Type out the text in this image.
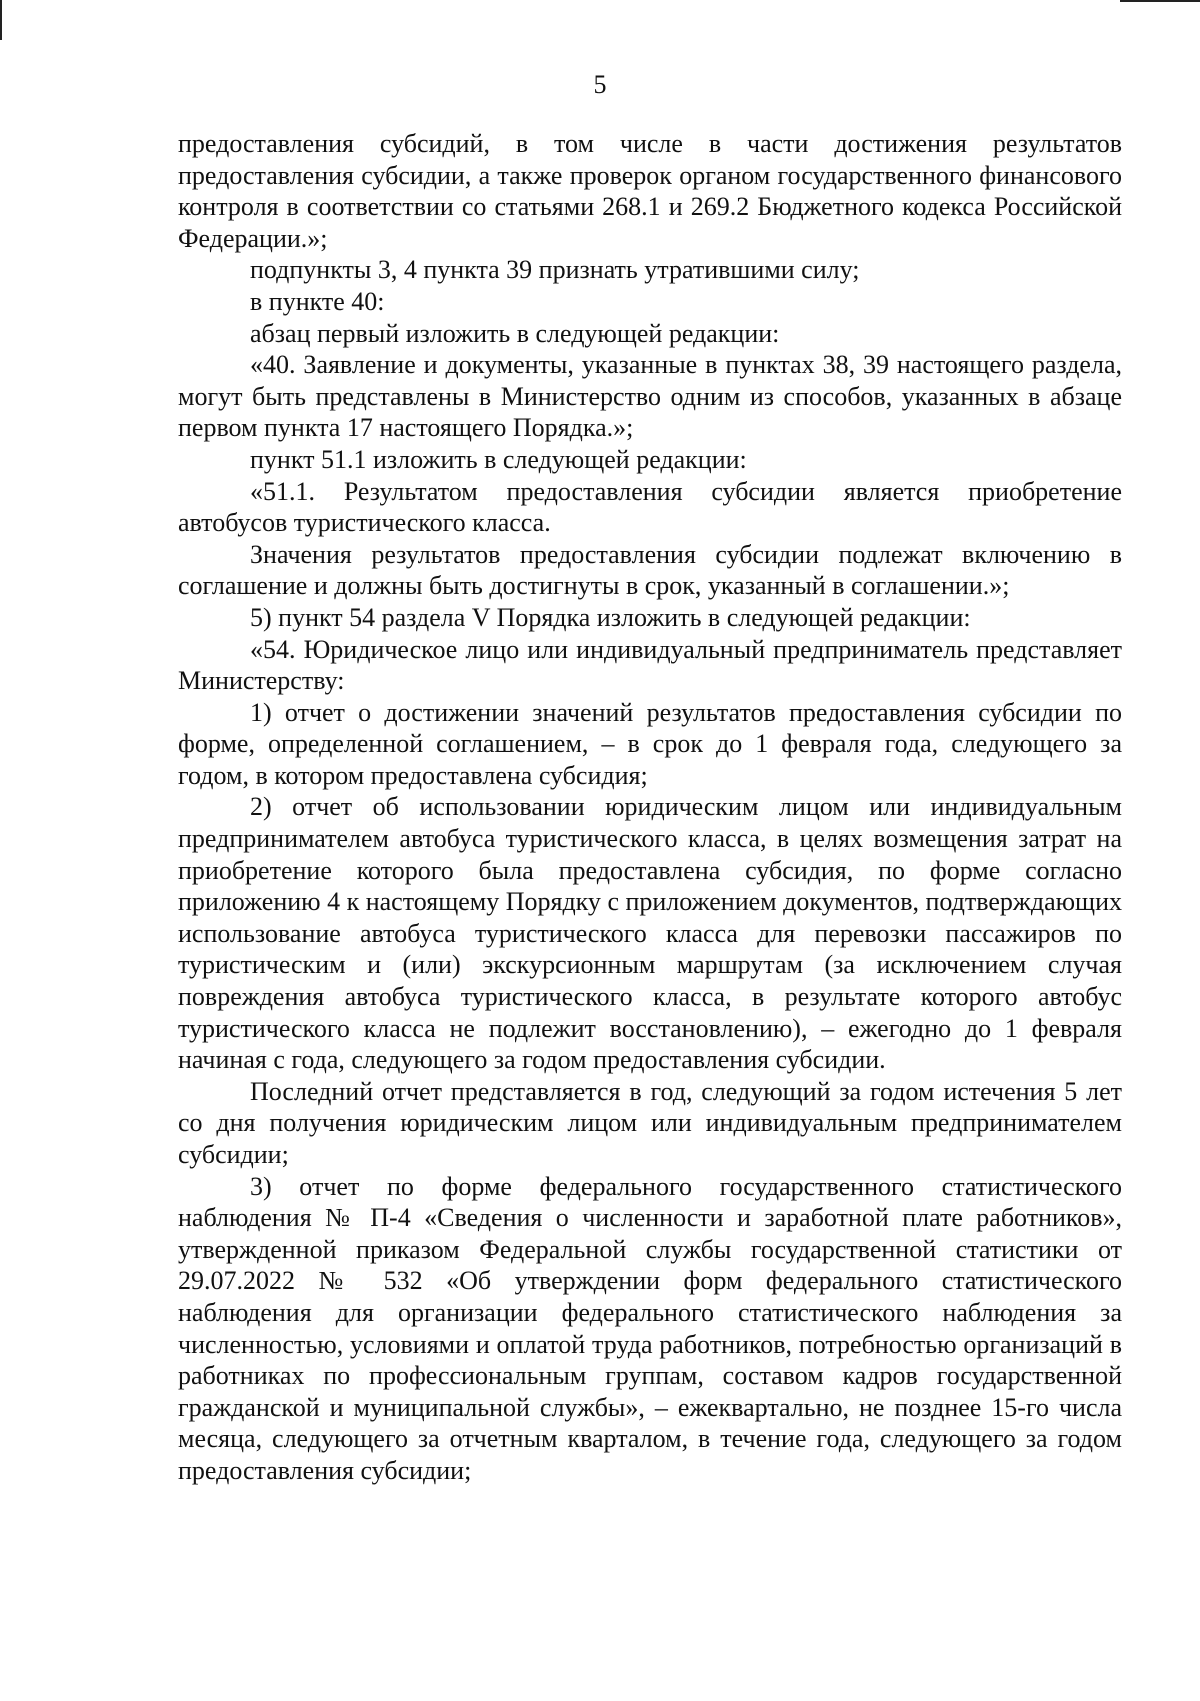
5

предоставления субсидий, в том числе в части достижения результатов предоставления субсидии, а также проверок органом государственного финансового контроля в соответствии со статьями 268.1 и 269.2 Бюджетного кодекса Российской Федерации.»;

подпункты 3, 4 пункта 39 признать утратившими силу;

в пункте 40:

абзац первый изложить в следующей редакции:

«40. Заявление и документы, указанные в пунктах 38, 39 настоящего раздела, могут быть представлены в Министерство одним из способов, указанных в абзаце первом пункта 17 настоящего Порядка.»;

пункт 51.1 изложить в следующей редакции:

«51.1. Результатом предоставления субсидии является приобретение автобусов туристического класса.

Значения результатов предоставления субсидии подлежат включению в соглашение и должны быть достигнуты в срок, указанный в соглашении.»;

5) пункт 54 раздела V Порядка изложить в следующей редакции:

«54. Юридическое лицо или индивидуальный предприниматель представляет Министерству:

1) отчет о достижении значений результатов предоставления субсидии по форме, определенной соглашением, – в срок до 1 февраля года, следующего за годом, в котором предоставлена субсидия;

2) отчет об использовании юридическим лицом или индивидуальным предпринимателем автобуса туристического класса, в целях возмещения затрат на приобретение которого была предоставлена субсидия, по форме согласно приложению 4 к настоящему Порядку с приложением документов, подтверждающих использование автобуса туристического класса для перевозки пассажиров по туристическим и (или) экскурсионным маршрутам (за исключением случая повреждения автобуса туристического класса, в результате которого автобус туристического класса не подлежит восстановлению), – ежегодно до 1 февраля начиная с года, следующего за годом предоставления субсидии.

Последний отчет представляется в год, следующий за годом истечения 5 лет со дня получения юридическим лицом или индивидуальным предпринимателем субсидии;

3) отчет по форме федерального государственного статистического наблюдения № П-4 «Сведения о численности и заработной плате работников», утвержденной приказом Федеральной службы государственной статистики от 29.07.2022 № 532 «Об утверждении форм федерального статистического наблюдения для организации федерального статистического наблюдения за численностью, условиями и оплатой труда работников, потребностью организаций в работниках по профессиональным группам, составом кадров государственной гражданской и муниципальной службы», – ежеквартально, не позднее 15-го числа месяца, следующего за отчетным кварталом, в течение года, следующего за годом предоставления субсидии;
